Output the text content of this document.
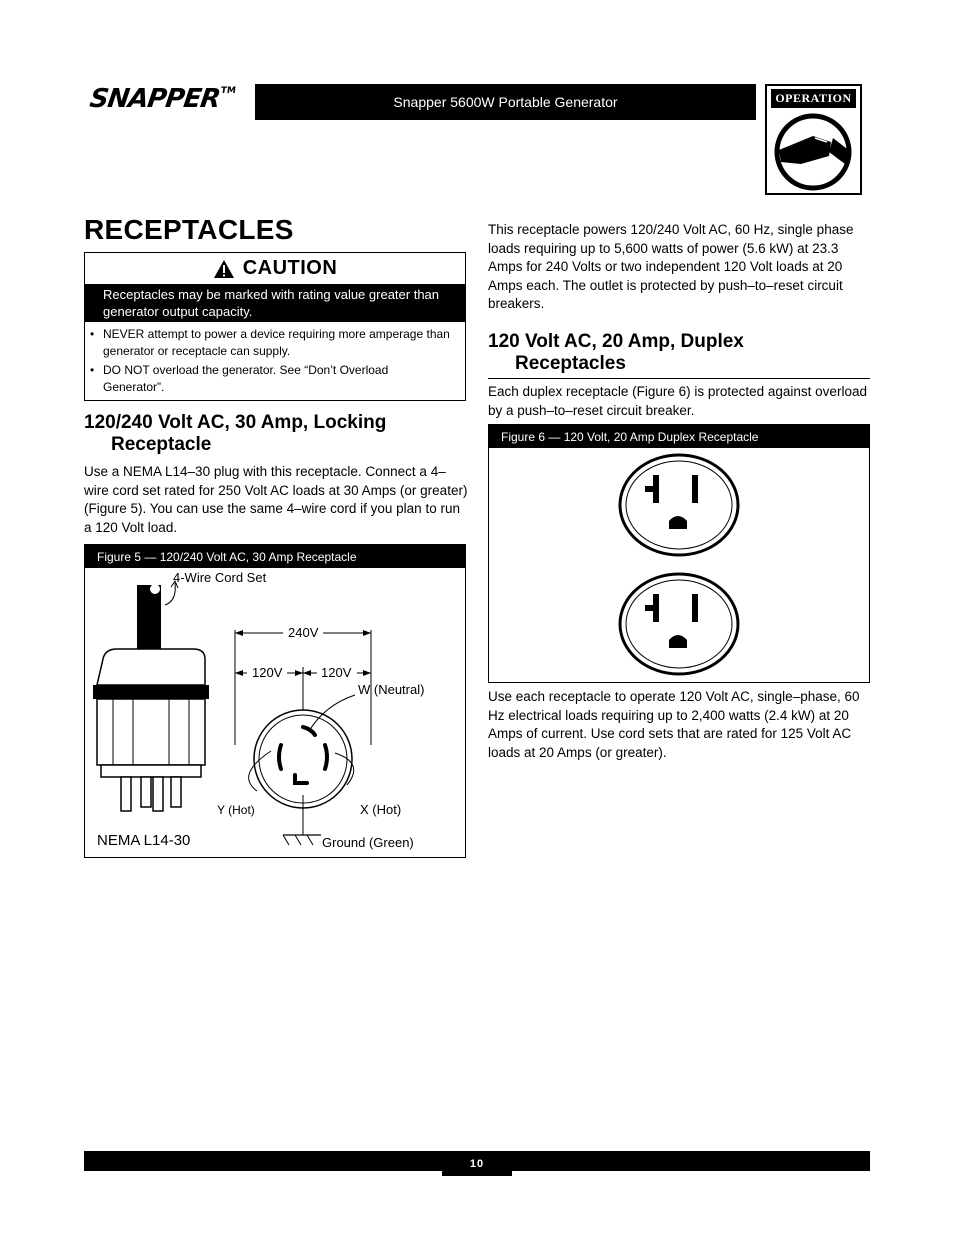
SNAPPER™
Snapper 5600W Portable Generator	OPERATION
RECEPTACLES
CAUTION
Receptacles may be marked with rating value greater than generator output capacity.
• NEVER attempt to power a device requiring more amperage than generator or receptacle can supply.
• DO NOT overload the generator. See “Don’t Overload Generator”.
120/240 Volt AC, 30 Amp, Locking
Receptacle
Use a NEMA L14–30 plug with this receptacle. Connect a 4–wire cord set rated for 250 Volt AC loads at 30 Amps (or greater) (Figure 5). You can use the same 4–wire cord if you plan to run a 120 Volt load.
Figure 5 — 120/240 Volt AC, 30 Amp Receptacle
4-Wire Cord Set
240V
120V	120V
W (Neutral)
Y (Hot)	X (Hot)
Ground (Green)
NEMA L14-30
This receptacle powers 120/240 Volt AC, 60 Hz, single phase loads requiring up to 5,600 watts of power (5.6 kW) at 23.3 Amps for 240 Volts or two independent 120 Volt loads at 20 Amps each. The outlet is protected by push–to–reset circuit breakers.
120 Volt AC, 20 Amp, Duplex
Receptacles
Each duplex receptacle (Figure 6) is protected against overload by a push–to–reset circuit breaker.
Figure 6 — 120 Volt, 20 Amp Duplex Receptacle
Use each receptacle to operate 120 Volt AC, single–phase, 60 Hz electrical loads requiring up to 2,400 watts (2.4 kW) at 20 Amps of current. Use cord sets that are rated for 125 Volt AC loads at 20 Amps (or greater).
10
